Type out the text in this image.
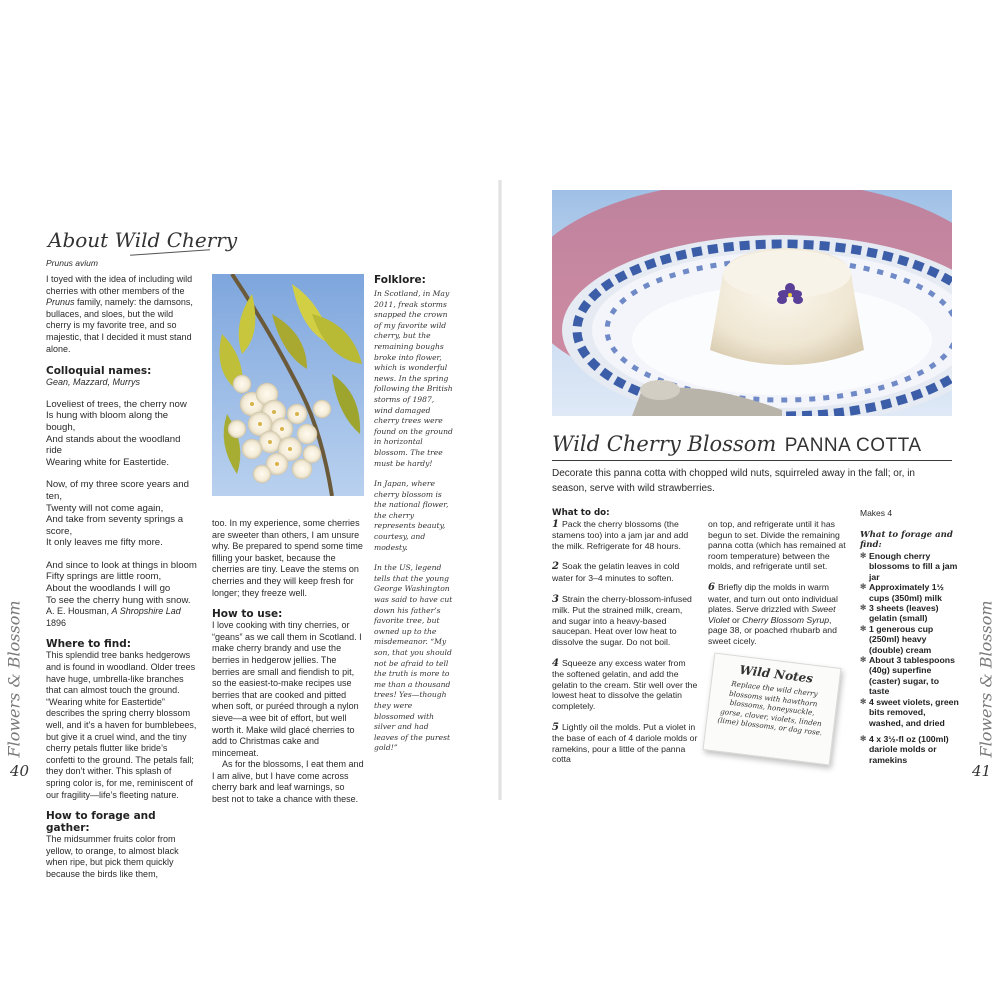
About Wild Cherry
Prunus avium

I toyed with the idea of including wild cherries with other members of the Prunus family, namely: the damsons, bullaces, and sloes, but the wild cherry is my favorite tree, and so majestic, that I decided it must stand alone.

Colloquial names:

Gean, Mazzard, Murrys

Loveliest of trees, the cherry now
Is hung with bloom along the bough,
And stands about the woodland ride
Wearing white for Eastertide.

Now, of my three score years and ten,
Twenty will not come again,
And take from seventy springs a score,
It only leaves me fifty more.

And since to look at things in bloom
Fifty springs are little room,
About the woodlands I will go
To see the cherry hung with snow.

A. E. Housman, A Shropshire Lad 1896

Where to find:

This splendid tree banks hedgerows and is found in woodland. Older trees have huge, umbrella-like branches that can almost touch the ground. “Wearing white for Eastertide” describes the spring cherry blossom well, and it’s a haven for bumblebees, but give it a cruel wind, and the tiny cherry petals flutter like bride’s confetti to the ground. The petals fall; they don’t wither. This splash of spring color is, for me, reminiscent of our fragility—life’s fleeting nature.

How to forage and gather:

The midsummer fruits color from yellow, to orange, to almost black when ripe, but pick them quickly because the birds like them,

too. In my experience, some cherries are sweeter than others, I am unsure why. Be prepared to spend some time filling your basket, because the cherries are tiny. Leave the stems on cherries and they will keep fresh for longer; they freeze well.

How to use:

I love cooking with tiny cherries, or “geans” as we call them in Scotland. I make cherry brandy and use the berries in hedgerow jellies. The berries are small and fiendish to pit, so the easiest-to-make recipes use berries that are cooked and pitted when soft, or puréed through a nylon sieve—a wee bit of effort, but well worth it. Make wild glacé cherries to add to Christmas cake and mincemeat.

As for the blossoms, I eat them and I am alive, but I have come across cherry bark and leaf warnings, so best not to take a chance with these.

Folklore:

In Scotland, in May 2011, freak storms snapped the crown of my favorite wild cherry, but the remaining boughs broke into flower, which is wonderful news. In the spring following the British storms of 1987, wind damaged cherry trees were found on the ground in horizontal blossom. The tree must be hardy!

In Japan, where cherry blossom is the national flower, the cherry represents beauty, courtesy, and modesty.

In the US, legend tells that the young George Washington was said to have cut down his father’s favorite tree, but owned up to the misdemeanor. “My son, that you should not be afraid to tell the truth is more to me than a thousand trees! Yes—though they were blossomed with silver and had leaves of the purest gold!”

Flowers & Blossom
40
Wild Cherry Blossom PANNA COTTA

Decorate this panna cotta with chopped wild nuts, squirreled away in the fall; or, in season, serve with wild strawberries.

What to do:

1 Pack the cherry blossoms (the stamens too) into a jam jar and add the milk. Refrigerate for 48 hours.

2 Soak the gelatin leaves in cold water for 3–4 minutes to soften.

3 Strain the cherry-blossom-infused milk. Put the strained milk, cream, and sugar into a heavy-based saucepan. Heat over low heat to dissolve the sugar. Do not boil.

4 Squeeze any excess water from the softened gelatin, and add the gelatin to the cream. Stir well over the lowest heat to dissolve the gelatin completely.

5 Lightly oil the molds. Put a violet in the base of each of 4 dariole molds or ramekins, pour a little of the panna cotta

on top, and refrigerate until it has begun to set. Divide the remaining panna cotta (which has remained at room temperature) between the molds, and refrigerate until set.

6 Briefly dip the molds in warm water, and turn out onto individual plates. Serve drizzled with Sweet Violet or Cherry Blossom Syrup, page 38, or poached rhubarb and sweet cicely.

Wild Notes
Replace the wild cherry blossoms with hawthorn blossoms, honeysuckle, gorse, clover, violets, linden (lime) blossoms, or dog rose.

Makes 4

What to forage and find:

✻ Enough cherry blossoms to fill a jam jar
✻ Approximately 1½ cups (350ml) milk
✻ 3 sheets (leaves) gelatin (small)
✻ 1 generous cup (250ml) heavy (double) cream
✻ About 3 tablespoons (40g) superfine (caster) sugar, to taste
✻ 4 sweet violets, green bits removed, washed, and dried
✻ 4 x 3½-fl oz (100ml) dariole molds or ramekins
Flowers & Blossom
41
